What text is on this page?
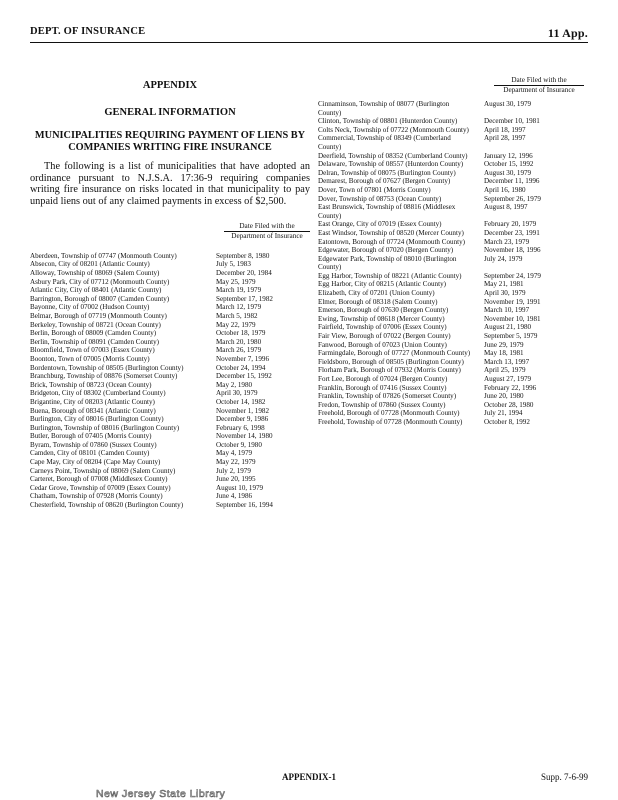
DEPT. OF INSURANCE	11 App.
APPENDIX
GENERAL INFORMATION
MUNICIPALITIES REQUIRING PAYMENT OF LIENS BY COMPANIES WRITING FIRE INSURANCE

The following is a list of municipalities that have adopted an ordinance pursuant to N.J.S.A. 17:36-9 requiring companies writing fire insurance on risks located in that municipality to pay unpaid liens out of any claimed payments in excess of $2,500.

Date Filed with the
Department of Insurance
Aberdeen, Township of 07747 (Monmouth County)	September 8, 1980
Absecon, City of 08201 (Atlantic County)	July 5, 1983
Alloway, Township of 08069 (Salem County)	December 20, 1984
Asbury Park, City of 07712 (Monmouth County)	May 25, 1979
Atlantic City, City of 08401 (Atlantic County)	March 19, 1979
Barrington, Borough of 08007 (Camden County)	September 17, 1982
Bayonne, City of 07002 (Hudson County)	March 12, 1979
Belmar, Borough of 07719 (Monmouth County)	March 5, 1982
Berkeley, Township of 08721 (Ocean County)	May 22, 1979
Berlin, Borough of 08009 (Camden County)	October 18, 1979
Berlin, Township of 08091 (Camden County)	March 20, 1980
Bloomfield, Town of 07003 (Essex County)	March 26, 1979
Boonton, Town of 07005 (Morris County)	November 7, 1996
Bordentown, Township of 08505 (Burlington County)	October 24, 1994
Branchburg, Township of 08876 (Somerset County)	December 15, 1992
Brick, Township of 08723 (Ocean County)	May 2, 1980
Bridgeton, City of 08302 (Cumberland County)	April 30, 1979
Brigantine, City of 08203 (Atlantic County)	October 14, 1982
Buena, Borough of 08341 (Atlantic County)	November 1, 1982
Burlington, City of 08016 (Burlington County)	December 9, 1986
Burlington, Township of 08016 (Burlington County)	February 6, 1998
Butler, Borough of 07405 (Morris County)	November 14, 1980
Byram, Township of 07860 (Sussex County)	October 9, 1980
Camden, City of 08101 (Camden County)	May 4, 1979
Cape May, City of 08204 (Cape May County)	May 22, 1979
Carneys Point, Township of 08069 (Salem County)	July 2, 1979
Carteret, Borough of 07008 (Middlesex County)	June 20, 1995
Cedar Grove, Township of 07009 (Essex County)	August 10, 1979
Chatham, Township of 07928 (Morris County)	June 4, 1986
Chesterfield, Township of 08620 (Burlington County)	September 16, 1994
Date Filed with the
Department of Insurance
Cinnaminson, Township of 08077 (Burlington County)
August 30, 1979
Clinton, Township of 08801 (Hunterdon County)	December 10, 1981
Colts Neck, Township of 07722 (Monmouth County)	April 18, 1997
Commercial, Township of 08349 (Cumberland County)
April 28, 1997
Deerfield, Township of 08352 (Cumberland County)	January 12, 1996
Delaware, Township of 08557 (Hunterdon County)	October 15, 1992
Delran, Township of 08075 (Burlington County)	August 30, 1979
Demarest, Borough of 07627 (Bergen County)	December 11, 1996
Dover, Town of 07801 (Morris County)	April 16, 1980
Dover, Township of 08753 (Ocean County)	September 26, 1979
East Brunswick, Township of 08816 (Middlesex County)
August 8, 1997
East Orange, City of 07019 (Essex County)	February 20, 1979
East Windsor, Township of 08520 (Mercer County)	December 23, 1991
Eatontown, Borough of 07724 (Monmouth County)	March 23, 1979
Edgewater, Borough of 07020 (Bergen County)	November 18, 1996
Edgewater Park, Township of 08010 (Burlington County)
July 24, 1979
Egg Harbor, Township of 08221 (Atlantic County)	September 24, 1979
Egg Harbor, City of 08215 (Atlantic County)	May 21, 1981
Elizabeth, City of 07201 (Union County)	April 30, 1979
Elmer, Borough of 08318 (Salem County)	November 19, 1991
Emerson, Borough of 07630 (Bergen County)	March 10, 1997
Ewing, Township of 08618 (Mercer County)	November 10, 1981
Fairfield, Township of 07006 (Essex County)	August 21, 1980
Fair View, Borough of 07022 (Bergen County)	September 5, 1979
Fanwood, Borough of 07023 (Union County)	June 29, 1979
Farmingdale, Borough of 07727 (Monmouth County) May 18, 1981
Fieldsboro, Borough of 08505 (Burlington County)	March 13, 1997
Florham Park, Borough of 07932 (Morris County)	April 25, 1979
Fort Lee, Borough of 07024 (Bergen County)	August 27, 1979
Franklin, Borough of 07416 (Sussex County)	February 22, 1996
Franklin, Township of 07826 (Somerset County)	June 20, 1980
Fredon, Township of 07860 (Sussex County)	October 28, 1980
Freehold, Borough of 07728 (Monmouth County)	July 21, 1994
Freehold, Township of 07728 (Monmouth County)	October 8, 1992
APPENDIX-1	Supp. 7-6-99
New Jersey State Library
